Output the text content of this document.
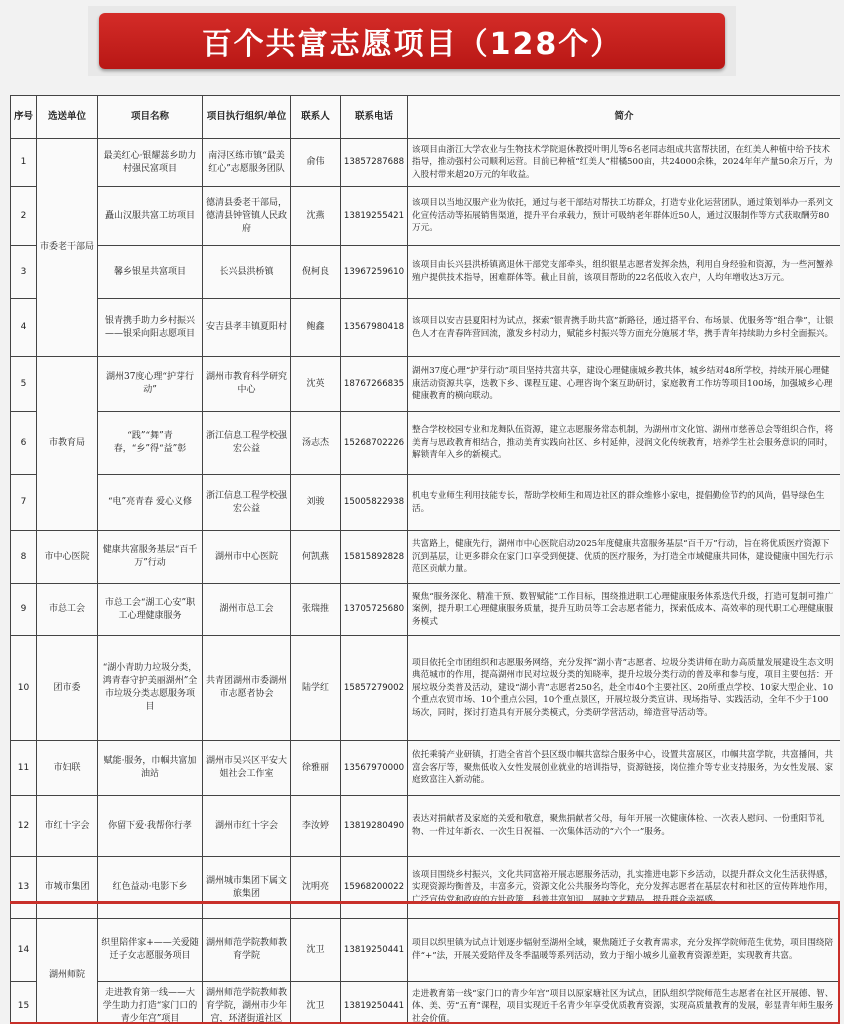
百个共富志愿项目（128个）
序号	选送单位	项目名称	项目执行组织/单位	联系人	联系电话	简介
1	市委老干部局	最美红心·银耀蕊乡助力村强民富项目	南浔区练市镇“最美红心”志愿服务团队	俞伟	13857287688	该项目由浙江大学农业与生物技术学院退休教授叶明儿等6名老同志组成共富帮扶团，在红美人种植中给予技术指导，推动强村公司顺利运营。目前已种植“红美人”柑橘500亩，共24000余株，2024年年产量50余万斤，为入股村带来超20万元的年收益。
2		矗山汉服共富工坊项目	德清县委老干部局，德清县钟管镇人民政府	沈燕	13819255421	该项目以当地汉服产业为依托，通过与老干部结对帮扶工坊群众，打造专业化运营团队，通过策划举办一系列文化宣传活动等拓展销售渠道，提升平台承载力，预计可吸纳老年群体近50人，通过汉服制作等方式获取酬劳80万元。
3		馨乡银星共富项目	长兴县洪桥镇	倪柯良	13967259610	该项目由长兴县洪桥镇离退休干部党支部牵头，组织银星志愿者发挥余热，利用自身经验和资源，为一些河蟹养殖户提供技术指导，困难群体等。截止目前，该项目帮助的22名低收入农户，人均年增收达3万元。
4		银青携手助力乡村振兴——银采向阳志愿项目	安吉县孝丰镇夏阳村	鲍鑫	13567980418	该项目以安吉县夏阳村为试点，探索“银青携手助共富”新路径，通过搭平台、布场景、优服务等“组合拳”，让银色人才在青春阵营回流，激发乡村动力，赋能乡村振兴等方面充分施展才华，携手青年持续助力乡村全面振兴。
5	市教育局	湖州37度心理“护芽行动”	湖州市教育科学研究中心	沈英	18767266835	湖州37度心理“护芽行动”项目坚持共富共享，建设心理健康城乡教共体，城乡结对48所学校，持续开展心理健康活动资源共享，迭教下乡、课程互建、心理咨询个案互助研讨，家庭教育工作坊等项目100场，加强城乡心理健康教育的横向联动。
6		“践”“舞”青春，“乡”得“益”彰	浙江信息工程学校强宏公益	汤志杰	15268702226	整合学校校园专业和龙舞队伍资源，建立志愿服务常态机制，为湖州市文化馆、湖州市慈善总会等组织合作，将美育与思政教育相结合，推动美育实践向社区、乡村延伸，浸润文化传统教育，培养学生社会服务意识的同时，解锁青年入乡的新模式。
7		“电”亮青春 爱心义修	浙江信息工程学校强宏公益	刘骏	15005822938	机电专业师生利用技能专长，帮助学校师生和周边社区的群众维修小家电，提倡勤俭节约的风尚，倡导绿色生活。
8	市中心医院	健康共富服务基层“百千万”行动	湖州市中心医院	何凯燕	15815892828	共富路上，健康先行，湖州市中心医院启动2025年度健康共富服务基层“百千万”行动，旨在将优质医疗资源下沉到基层，让更多群众在家门口享受到便捷、优质的医疗服务，为打造全市域健康共同体，建设健康中国先行示范区贡献力量。
9	市总工会	市总工会“湖工心安”职工心理健康服务	湖州市总工会	张瑞推	13705725680	聚焦“服务深化、精准干预、数智赋能”工作目标，围绕推进职工心理健康服务体系迭代升级，打造可复制可推广案例，提升职工心理健康服务质量，提升互助员等工会志愿者能力，探索低成本、高效率的现代职工心理健康服务模式
10	团市委	“湖小青助力垃圾分类，鸿青春守护美丽湖州”全市垃圾分类志愿服务项目	共青团湖州市委湖州市志愿者协会	陆学红	15857279002	项目依托全市团组织和志愿服务网络，充分发挥“湖小青”志愿者、垃圾分类讲师在助力高质量发展建设生态文明典范城市的作用，提高湖州市民对垃圾分类的知晓率，提升垃圾分类行动的普及率和参与度，项目主要包括：开展垃圾分类普及活动，建设“湖小青”志愿者250名，赴全市40个主要社区、20所重点学校、10家大型企业、10个重点农贸市场、10个重点公园，10个重点景区，开展垃圾分类宣讲、现场指导、实践活动，全年不少于100场次，同时，探讨打造具有开展分类模式，分类研学营活动，缔造营导活动等。
11	市妇联	赋能·服务，巾帼共富加油站	湖州市吴兴区平安大姐社会工作室	徐雅丽	13567970000	依托乘骑产业研镇，打造全省首个县区级巾帼共富综合服务中心，设置共富展区，巾帼共富学院，共富播间，共富会客厅等，聚焦低收入女性发展创业就业的培训指导，资源链接，岗位推介等专业支持服务，为女性发展、家庭致富注入新动能。
12	市红十字会	你留下爱·我帮你行孝	湖州市红十字会	李汝婷	13819280490	表达对捐献者及家庭的关爱和敬意，聚焦捐献者父母，每年开展一次健康体检、一次表人慰问、一份重阳节礼物、一件过年新衣、一次生日祝福、一次集体活动的“六个一”服务。
13	市城市集团	红色益动·电影下乡	湖州城市集团下属文旅集团	沈明亮	15968200022	该项目围绕乡村振兴，文化共同富裕开展志愿服务活动，扎实推进电影下乡活动，以提升群众文化生活获得感，实现资源均衡普及，丰富多元，资源文化公共服务均等化，充分发挥志愿者在基层农村和社区的宣传阵地作用，广泛宣传党和政府的方针政策，科普共富知识，展映文艺精品，提升群众幸福感。
14	湖州师院	织里陪伴家+——关爱随迁子女志愿服务项目	湖州师范学院教师教育学院	沈卫	13819250441	项目以织里镇为试点计划逐步辐射至湖州全域，聚焦随迁子女教育需求，充分发挥学院师范生优势，项目围绕陪伴“+”法，开展关爱陪伴及冬季温暖等系列活动，致力于缩小城乡儿童教育资源差距，实现教育共富。
15		走进教育第一线——大学生助力打造“家门口的青少年宫”项目	湖州师范学院教师教育学院，湖州市少年宫，环渚街道社区	沈卫	13819250441	走进教育第一线“家门口的青少年宫”项目以原家塘社区为试点，团队组织学院师范生志愿者在社区开展德、智、体、美、劳“五育”课程，项目实现近千名青少年享受优质教育资源，实现高质量教育的发展，彰显青年师生服务社会价值。
